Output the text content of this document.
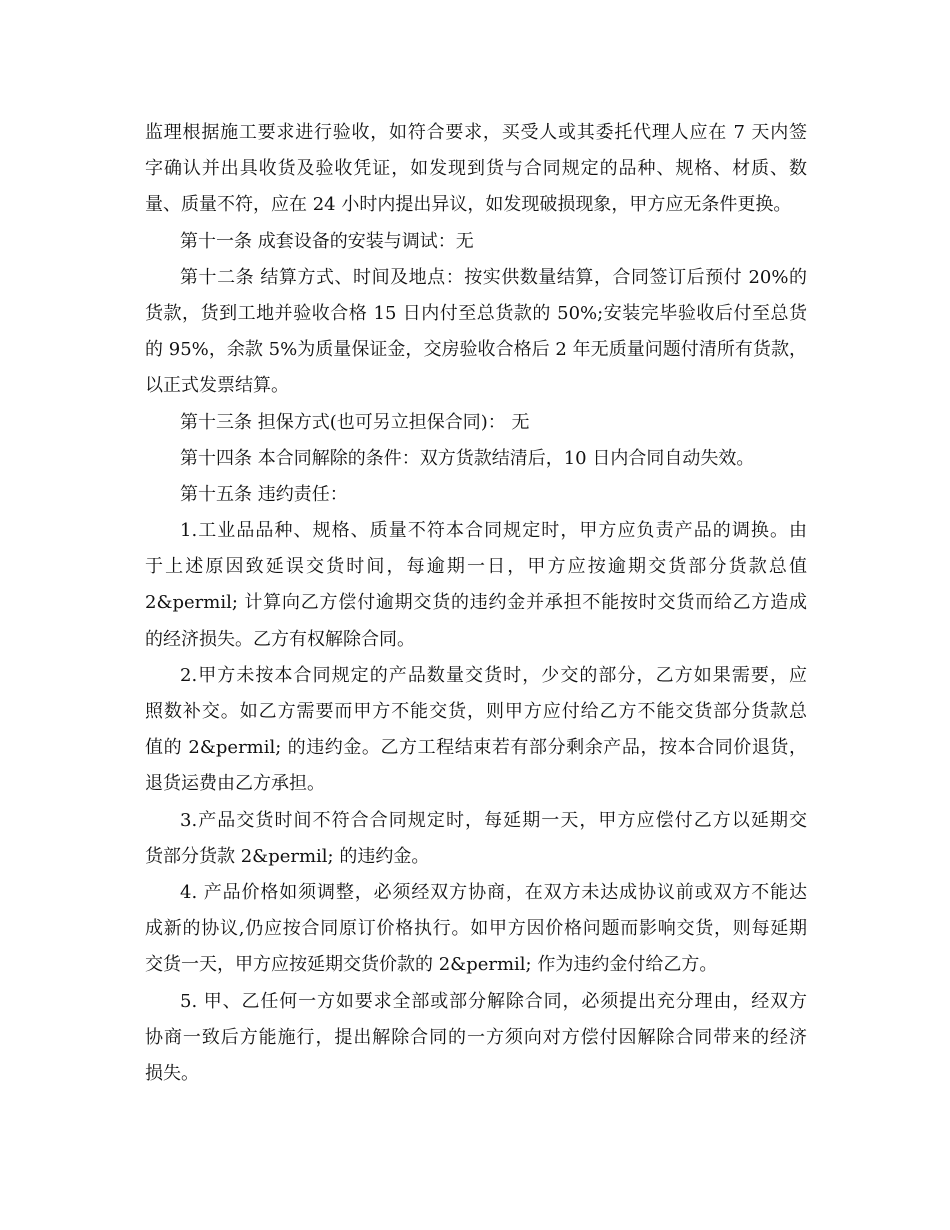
监理根据施工要求进行验收，如符合要求，买受人或其委托代理人应在 7 天内签
字确认并出具收货及验收凭证，如发现到货与合同规定的品种、规格、材质、数
量、质量不符，应在 24 小时内提出异议，如发现破损现象，甲方应无条件更换。
第十一条 成套设备的安装与调试：无
第十二条 结算方式、时间及地点：按实供数量结算，合同签订后预付 20%的
货款，货到工地并验收合格 15 日内付至总货款的 50%;安装完毕验收后付至总货
的 95%，余款 5%为质量保证金，交房验收合格后 2 年无质量问题付清所有货款，
以正式发票结算。
第十三条 担保方式(也可另立担保合同)： 无
第十四条 本合同解除的条件：双方货款结清后，10 日内合同自动失效。
第十五条 违约责任：
1.工业品品种、规格、质量不符本合同规定时，甲方应负责产品的调换。由
于上述原因致延误交货时间，每逾期一日，甲方应按逾期交货部分货款总值
2&permil; 计算向乙方偿付逾期交货的违约金并承担不能按时交货而给乙方造成
的经济损失。乙方有权解除合同。
2.甲方未按本合同规定的产品数量交货时，少交的部分，乙方如果需要，应
照数补交。如乙方需要而甲方不能交货，则甲方应付给乙方不能交货部分货款总
值的 2&permil; 的违约金。乙方工程结束若有部分剩余产品，按本合同价退货，
退货运费由乙方承担。
3.产品交货时间不符合合同规定时，每延期一天，甲方应偿付乙方以延期交
货部分货款 2&permil; 的违约金。
4. 产品价格如须调整，必须经双方协商，在双方未达成协议前或双方不能达
成新的协议,仍应按合同原订价格执行。如甲方因价格问题而影响交货，则每延期
交货一天，甲方应按延期交货价款的 2&permil; 作为违约金付给乙方。
5. 甲、乙任何一方如要求全部或部分解除合同，必须提出充分理由，经双方
协商一致后方能施行，提出解除合同的一方须向对方偿付因解除合同带来的经济
损失。
